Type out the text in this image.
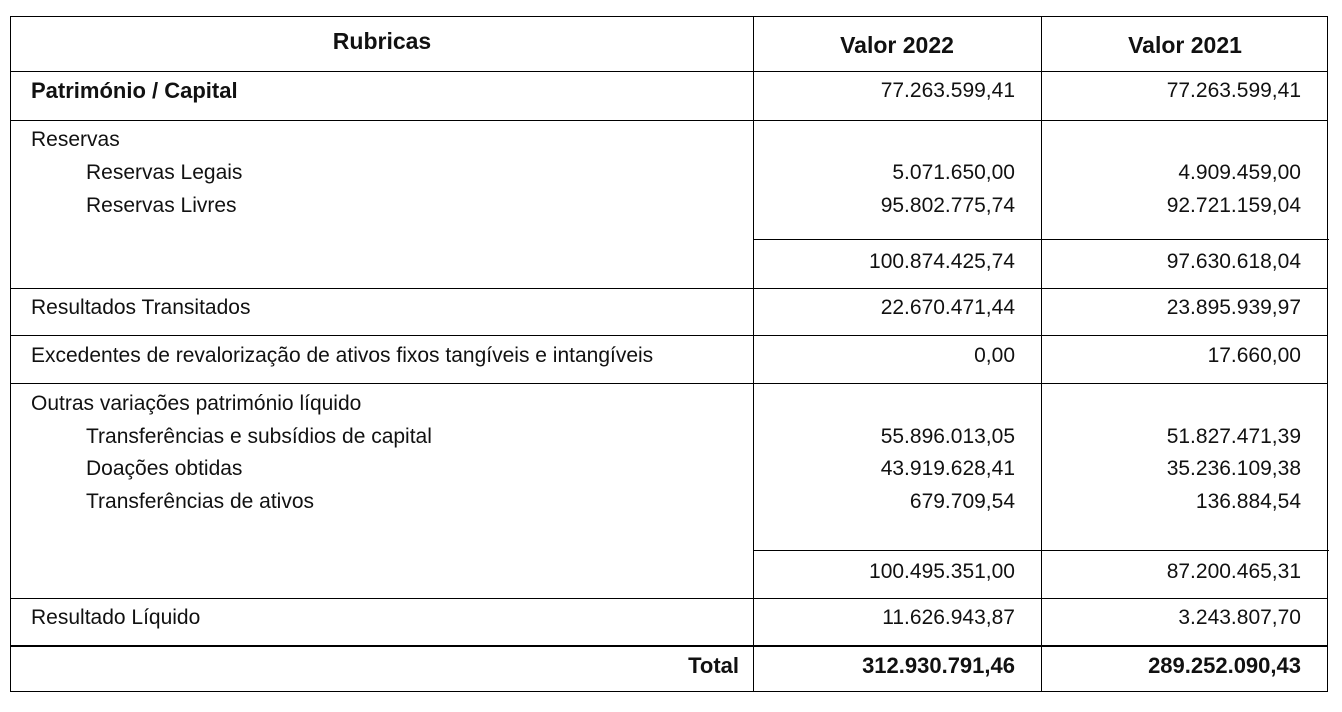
Rubricas	Valor 2022	Valor 2021
Património / Capital	77.263.599,41	77.263.599,41
Reservas
Reservas Legais	5.071.650,00	4.909.459,00
Reservas Livres	95.802.775,74	92.721.159,04
100.874.425,74	97.630.618,04
Resultados Transitados	22.670.471,44	23.895.939,97
Excedentes de revalorização de ativos fixos tangíveis e intangíveis	0,00	17.660,00
Outras variações património líquido
Transferências e subsídios de capital	55.896.013,05	51.827.471,39
Doações obtidas	43.919.628,41	35.236.109,38
Transferências de ativos	679.709,54	136.884,54
100.495.351,00	87.200.465,31
Resultado Líquido	11.626.943,87	3.243.807,70
Total	312.930.791,46	289.252.090,43
